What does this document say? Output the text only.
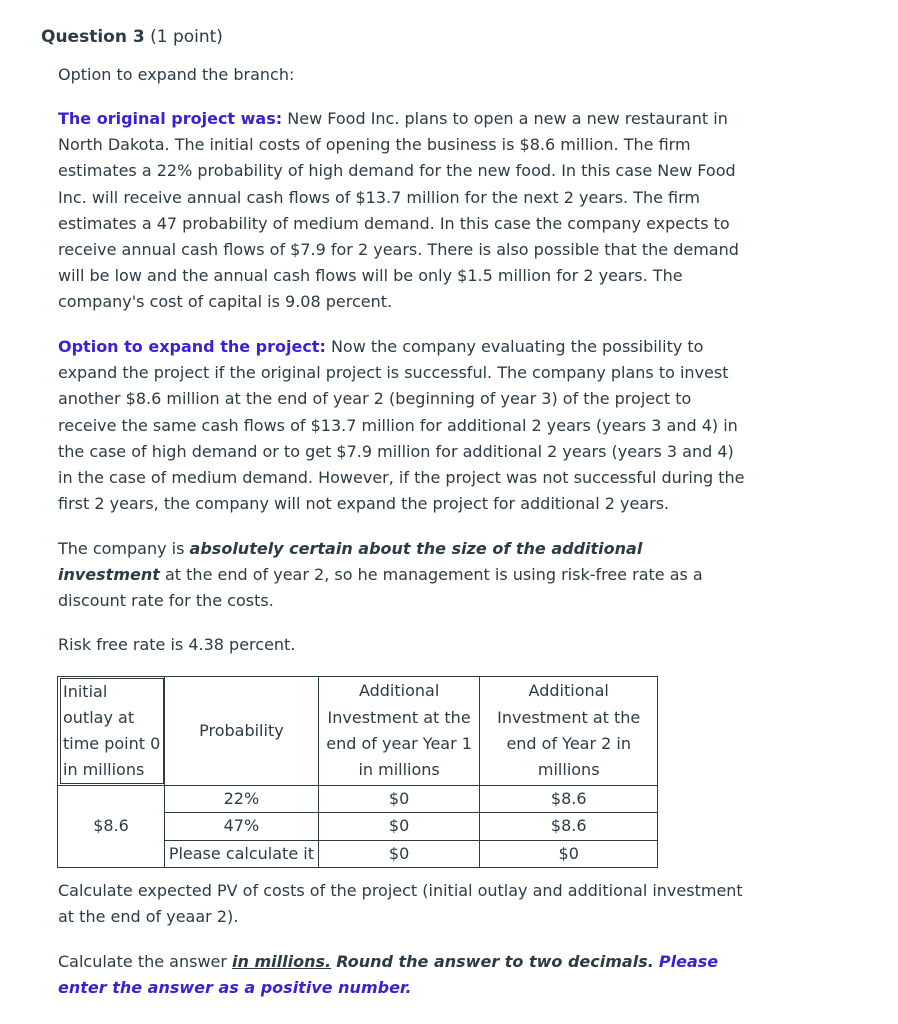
Question 3 (1 point)

Option to expand the branch:

The original project was: New Food Inc. plans to open a new a new restaurant in North Dakota. The initial costs of opening the business is $8.6 million. The firm estimates a 22% probability of high demand for the new food. In this case New Food Inc. will receive annual cash flows of $13.7 million for the next 2 years. The firm estimates a 47 probability of medium demand. In this case the company expects to receive annual cash flows of $7.9 for 2 years. There is also possible that the demand will be low and the annual cash flows will be only $1.5 million for 2 years. The company's cost of capital is 9.08 percent.

Option to expand the project: Now the company evaluating the possibility to expand the project if the original project is successful. The company plans to invest another $8.6 million at the end of year 2 (beginning of year 3) of the project to receive the same cash flows of $13.7 million for additional 2 years (years 3 and 4) in the case of high demand or to get $7.9 million for additional 2 years (years 3 and 4) in the case of medium demand. However, if the project was not successful during the first 2 years, the company will not expand the project for additional 2 years.

The company is absolutely certain about the size of the additional investment at the end of year 2, so he management is using risk-free rate as a discount rate for the costs.

Risk free rate is 4.38 percent.

Calculate expected PV of costs of the project (initial outlay and additional investment at the end of yeaar 2).

Calculate the answer in millions. Round the answer to two decimals. Please enter the answer as a positive number.

Initial outlay at time point 0 in millions	Probability	Additional Investment at the end of year Year 1 in millions	Additional Investment at the end of Year 2 in millions
	22%	$0	$8.6
$8.6	47%	$0	$8.6
	Please calculate it	$0	$0
